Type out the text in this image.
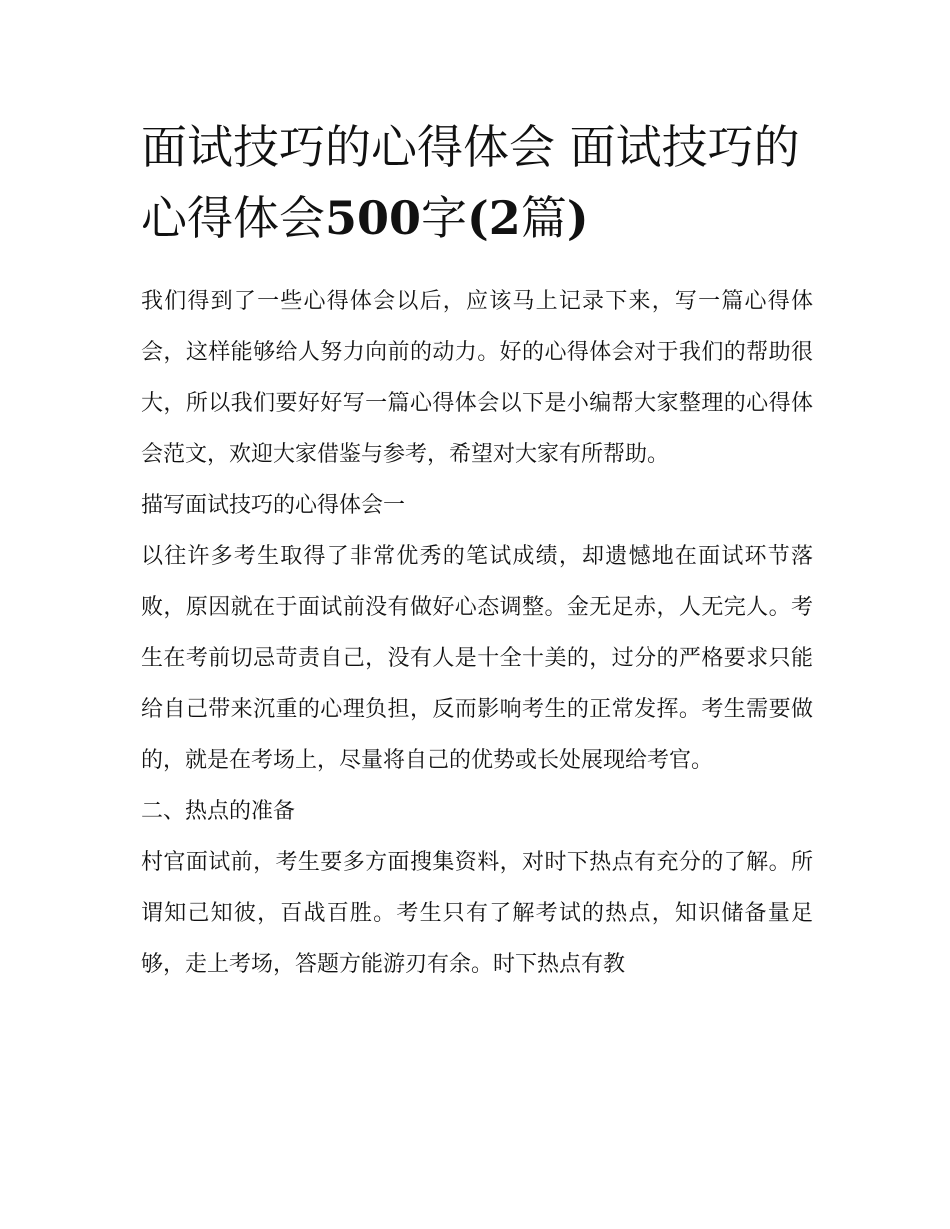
面试技巧的心得体会 面试技巧的心得体会500字(2篇)

我们得到了一些心得体会以后，应该马上记录下来，写一篇心得体会，这样能够给人努力向前的动力。好的心得体会对于我们的帮助很大，所以我们要好好写一篇心得体会以下是小编帮大家整理的心得体会范文，欢迎大家借鉴与参考，希望对大家有所帮助。

描写面试技巧的心得体会一

以往许多考生取得了非常优秀的笔试成绩，却遗憾地在面试环节落败，原因就在于面试前没有做好心态调整。金无足赤，人无完人。考生在考前切忌苛责自己，没有人是十全十美的，过分的严格要求只能给自己带来沉重的心理负担，反而影响考生的正常发挥。考生需要做的，就是在考场上，尽量将自己的优势或长处展现给考官。

二、热点的准备

村官面试前，考生要多方面搜集资料，对时下热点有充分的了解。所谓知己知彼，百战百胜。考生只有了解考试的热点，知识储备量足够，走上考场，答题方能游刃有余。时下热点有教
